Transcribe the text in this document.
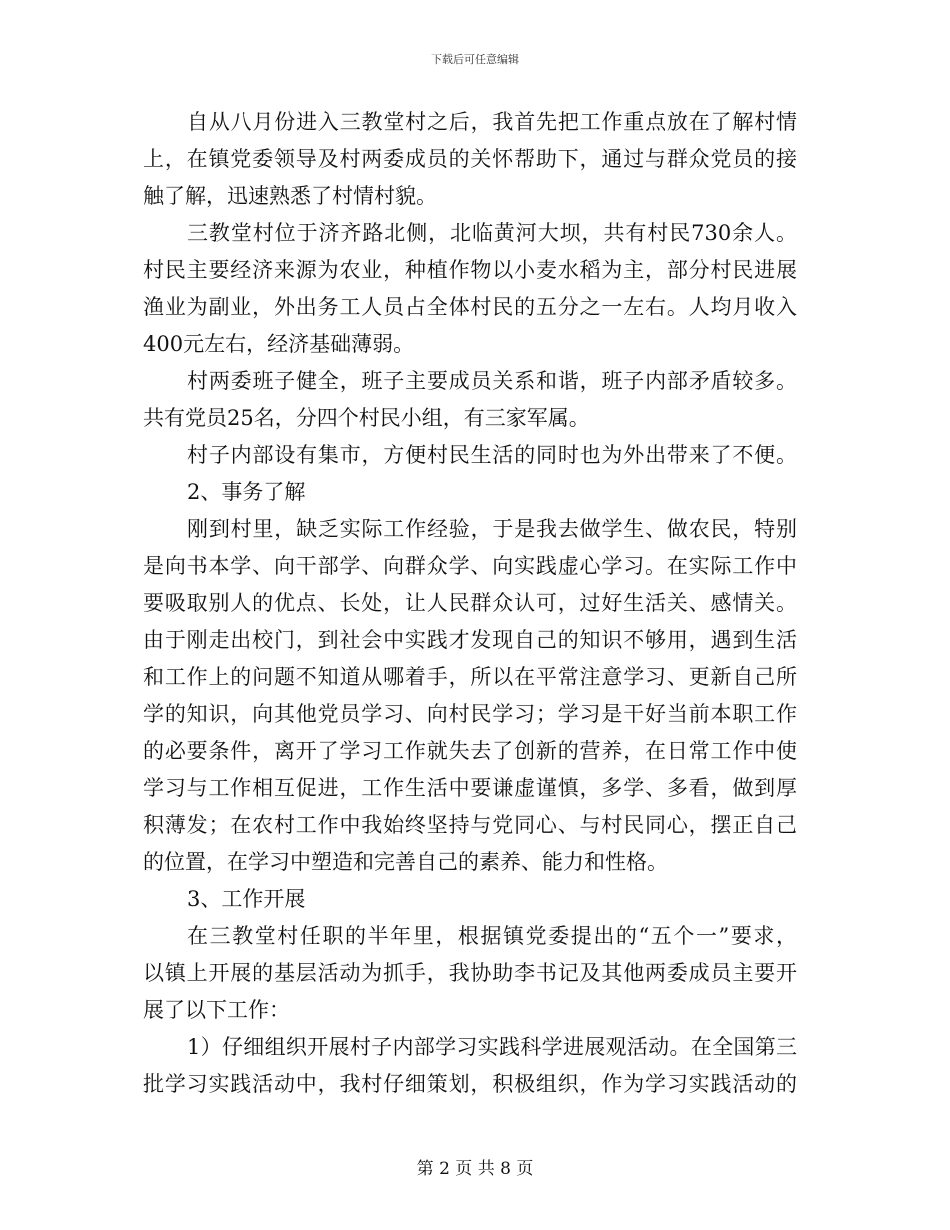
下载后可任意编辑
自从八月份进入三教堂村之后，我首先把工作重点放在了解村情
上，在镇党委领导及村两委成员的关怀帮助下，通过与群众党员的接
触了解，迅速熟悉了村情村貌。
三教堂村位于济齐路北侧，北临黄河大坝，共有村民730余人。
村民主要经济来源为农业，种植作物以小麦水稻为主，部分村民进展
渔业为副业，外出务工人员占全体村民的五分之一左右。人均月收入
400元左右，经济基础薄弱。
村两委班子健全，班子主要成员关系和谐，班子内部矛盾较多。
共有党员25名，分四个村民小组，有三家军属。
村子内部设有集市，方便村民生活的同时也为外出带来了不便。
2、事务了解
刚到村里，缺乏实际工作经验，于是我去做学生、做农民，特别
是向书本学、向干部学、向群众学、向实践虚心学习。在实际工作中
要吸取别人的优点、长处，让人民群众认可，过好生活关、感情关。
由于刚走出校门，到社会中实践才发现自己的知识不够用，遇到生活
和工作上的问题不知道从哪着手，所以在平常注意学习、更新自己所
学的知识，向其他党员学习、向村民学习；学习是干好当前本职工作
的必要条件，离开了学习工作就失去了创新的营养，在日常工作中使
学习与工作相互促进，工作生活中要谦虚谨慎，多学、多看，做到厚
积薄发；在农村工作中我始终坚持与党同心、与村民同心，摆正自己
的位置，在学习中塑造和完善自己的素养、能力和性格。
3、工作开展
在三教堂村任职的半年里，根据镇党委提出的“五个一”要求，
以镇上开展的基层活动为抓手，我协助李书记及其他两委成员主要开
展了以下工作：
1）仔细组织开展村子内部学习实践科学进展观活动。在全国第三
批学习实践活动中，我村仔细策划，积极组织，作为学习实践活动的
第 2 页 共 8 页
